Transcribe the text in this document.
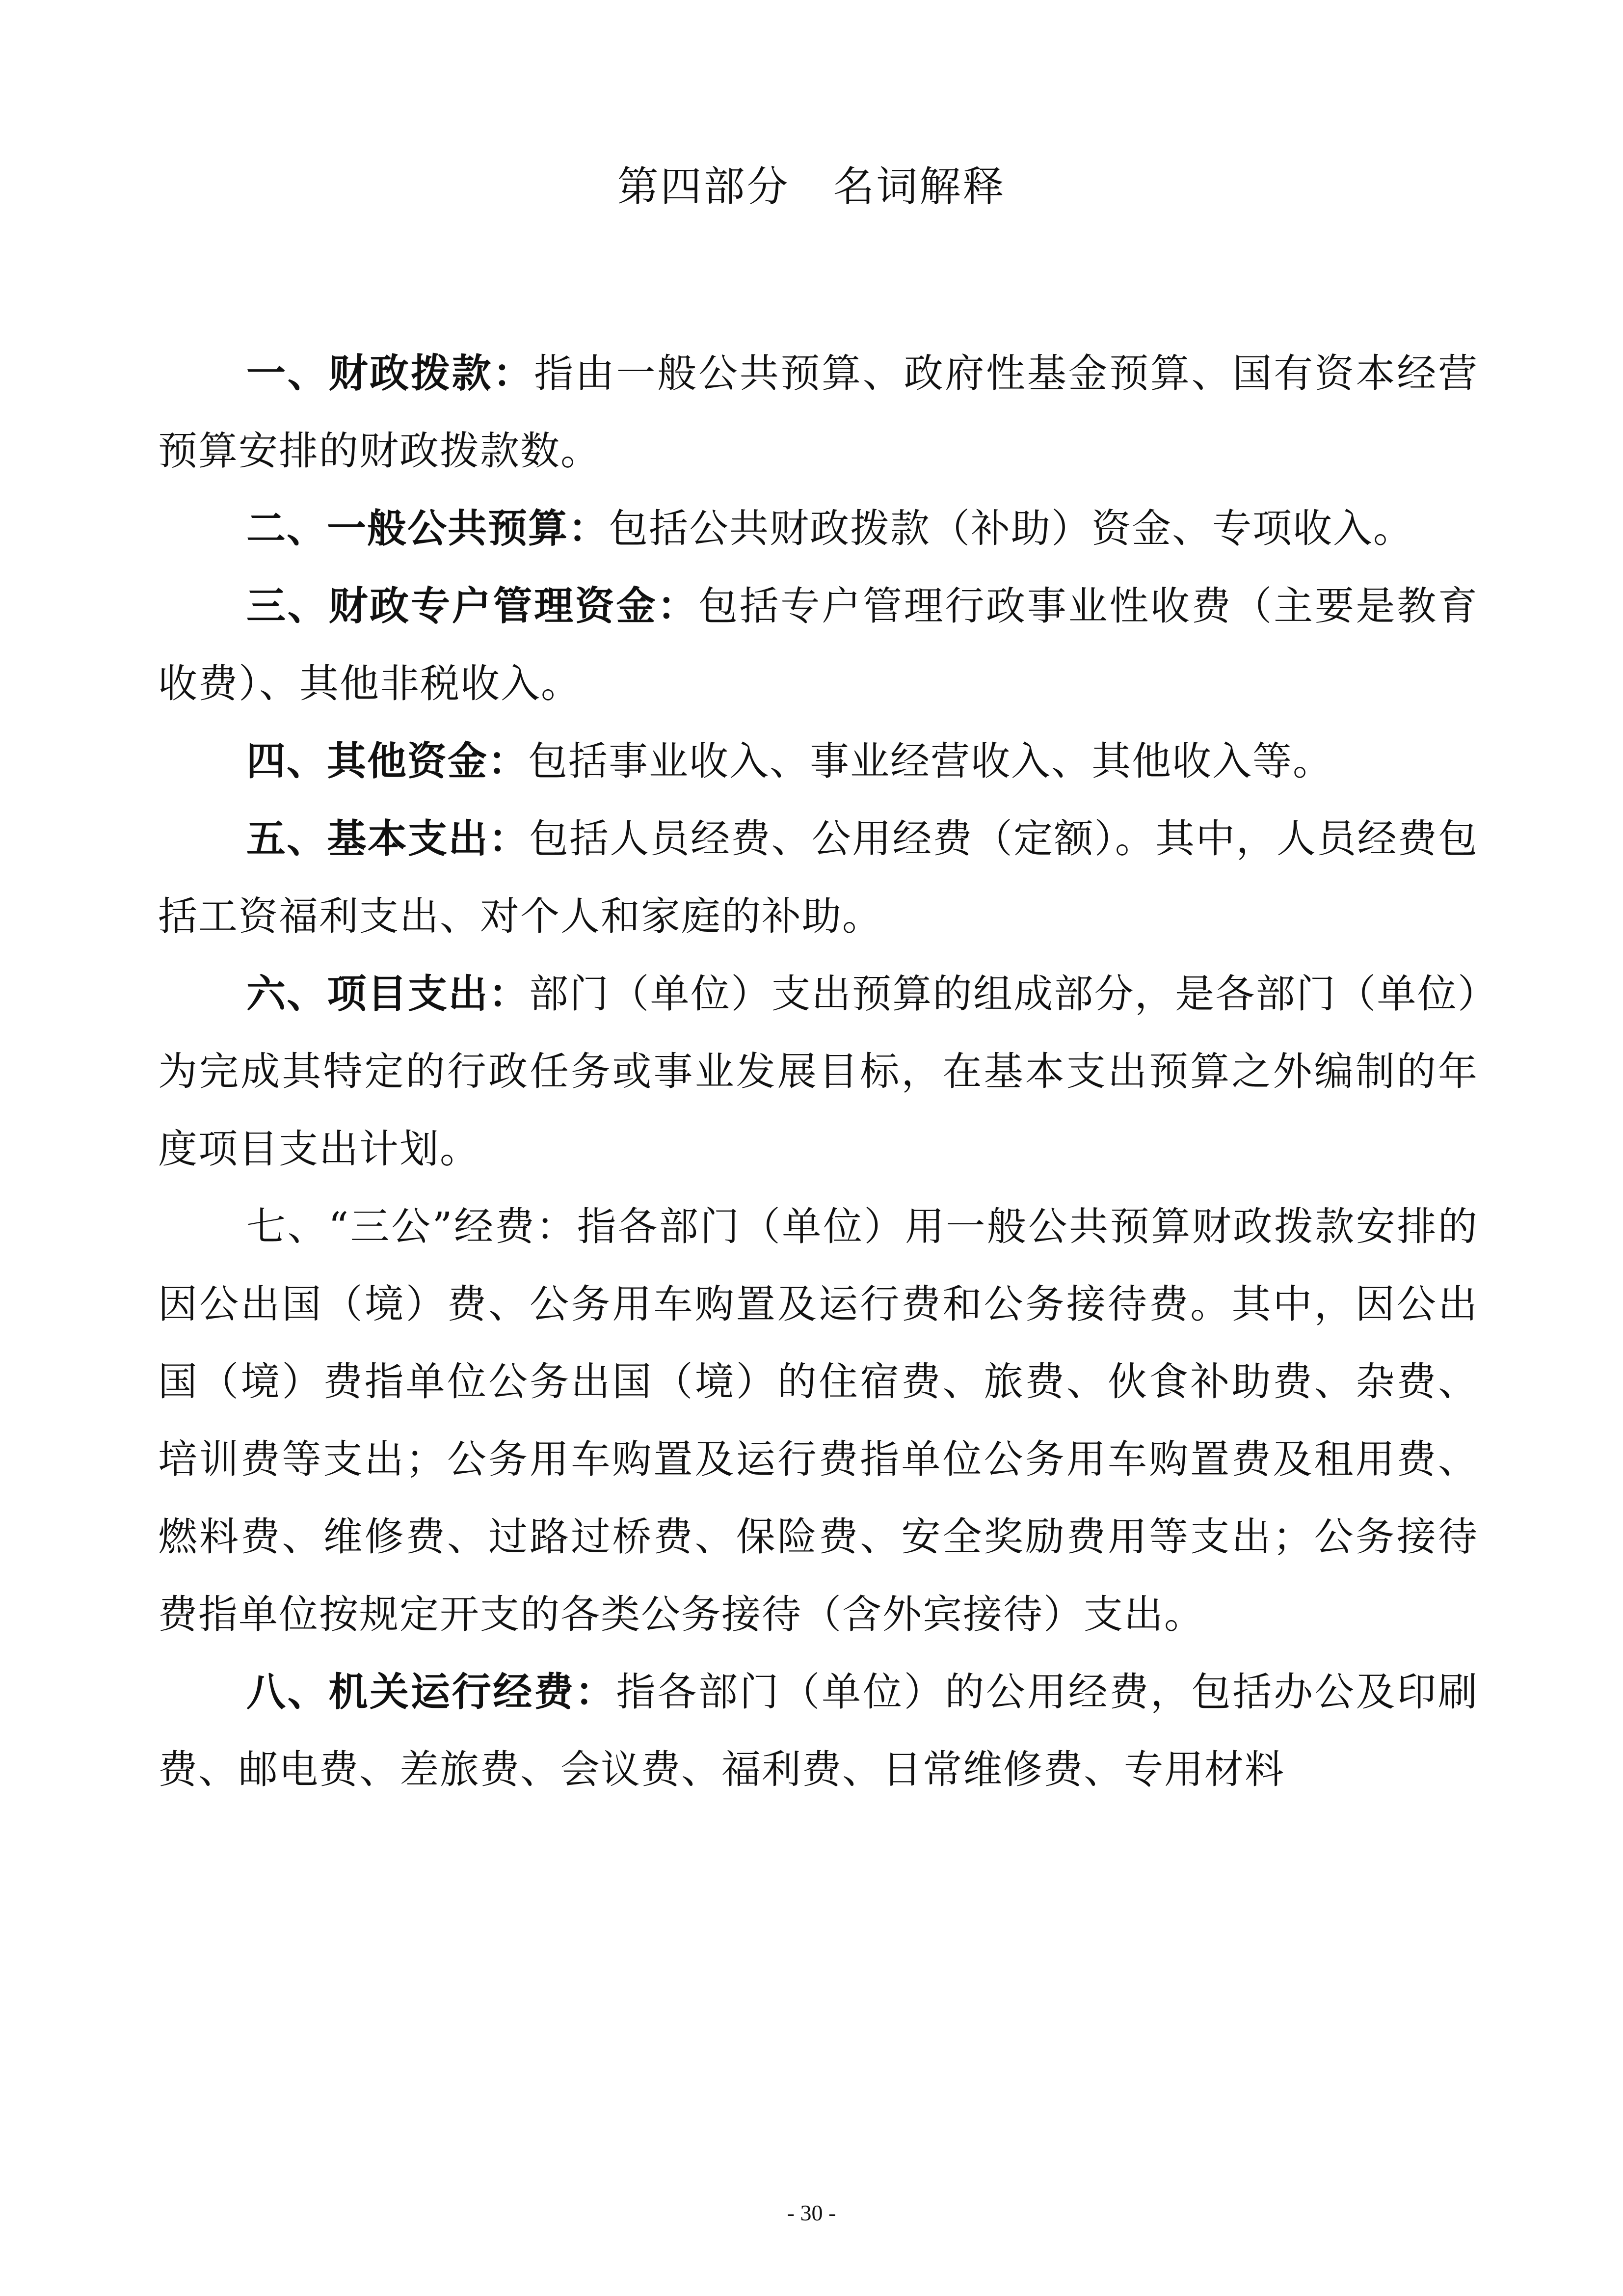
第四部分　名词解释

一、财政拨款：指由一般公共预算、政府性基金预算、国有资本经营预算安排的财政拨款数。

二、一般公共预算：包括公共财政拨款（补助）资金、专项收入。

三、财政专户管理资金：包括专户管理行政事业性收费（主要是教育收费）、其他非税收入。

四、其他资金：包括事业收入、事业经营收入、其他收入等。

五、基本支出：包括人员经费、公用经费（定额）。其中，人员经费包括工资福利支出、对个人和家庭的补助。

六、项目支出：部门（单位）支出预算的组成部分，是各部门（单位）为完成其特定的行政任务或事业发展目标，在基本支出预算之外编制的年度项目支出计划。

七、“三公”经费：指各部门（单位）用一般公共预算财政拨款安排的因公出国（境）费、公务用车购置及运行费和公务接待费。其中，因公出国（境）费指单位公务出国（境）的住宿费、旅费、伙食补助费、杂费、培训费等支出；公务用车购置及运行费指单位公务用车购置费及租用费、燃料费、维修费、过路过桥费、保险费、安全奖励费用等支出；公务接待费指单位按规定开支的各类公务接待（含外宾接待）支出。

八、机关运行经费：指各部门（单位）的公用经费，包括办公及印刷费、邮电费、差旅费、会议费、福利费、日常维修费、专用材料

- 30 -
